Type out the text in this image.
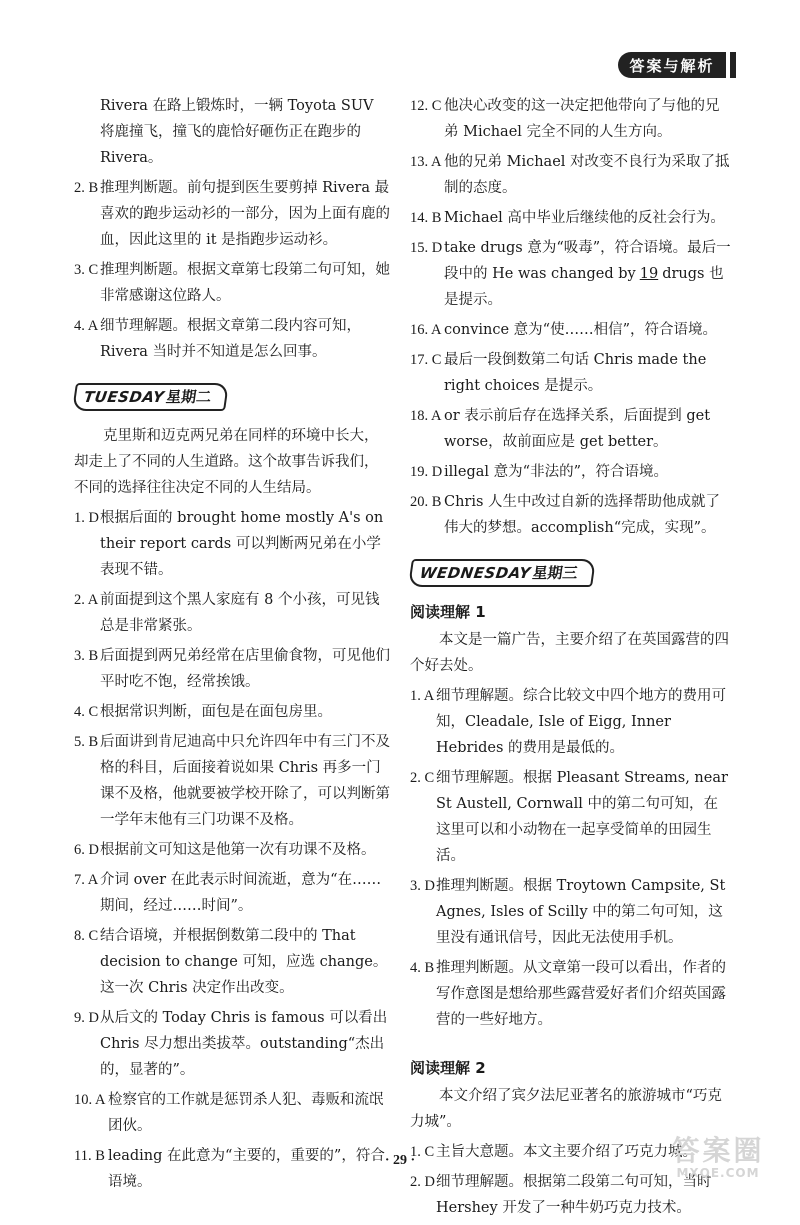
答案与解析

Rivera 在路上锻炼时，一辆 Toyota SUV 将鹿撞飞，撞飞的鹿恰好砸伤正在跑步的 Rivera。

2. B 推理判断题。前句提到医生要剪掉 Rivera 最喜欢的跑步运动衫的一部分，因为上面有鹿的血，因此这里的 it 是指跑步运动衫。
3. C 推理判断题。根据文章第七段第二句可知，她非常感谢这位路人。
4. A 细节理解题。根据文章第二段内容可知，Rivera 当时并不知道是怎么回事。
TUESDAY 星期二

克里斯和迈克两兄弟在同样的环境中长大，却走上了不同的人生道路。这个故事告诉我们，不同的选择往往决定不同的人生结局。

1. D 根据后面的 brought home mostly A's on their report cards 可以判断两兄弟在小学表现不错。
2. A 前面提到这个黑人家庭有 8 个小孩，可见钱总是非常紧张。
3. B 后面提到两兄弟经常在店里偷食物，可见他们平时吃不饱，经常挨饿。
4. C 根据常识判断，面包是在面包房里。
5. B 后面讲到肯尼迪高中只允许四年中有三门不及格的科目，后面接着说如果 Chris 再多一门课不及格，他就要被学校开除了，可以判断第一学年末他有三门功课不及格。
6. D 根据前文可知这是他第一次有功课不及格。
7. A 介词 over 在此表示时间流逝，意为“在……期间，经过……时间”。
8. C 结合语境，并根据倒数第二段中的 That decision to change 可知，应选 change。这一次 Chris 决定作出改变。
9. D 从后文的 Today Chris is famous 可以看出 Chris 尽力想出类拔萃。outstanding“杰出的，显著的”。
10. A 检察官的工作就是惩罚杀人犯、毒贩和流氓团伙。
11. B leading 在此意为“主要的，重要的”，符合语境。
12. C 他决心改变的这一决定把他带向了与他的兄弟 Michael 完全不同的人生方向。
13. A 他的兄弟 Michael 对改变不良行为采取了抵制的态度。
14. B Michael 高中毕业后继续他的反社会行为。
15. D take drugs 意为“吸毒”，符合语境。最后一段中的 He was changed by 19 drugs 也是提示。
16. A convince 意为“使……相信”，符合语境。
17. C 最后一段倒数第二句话 Chris made the right choices 是提示。
18. A or 表示前后存在选择关系，后面提到 get worse，故前面应是 get better。
19. D illegal 意为“非法的”，符合语境。
20. B Chris 人生中改过自新的选择帮助他成就了伟大的梦想。accomplish“完成，实现”。
WEDNESDAY 星期三
阅读理解 1

本文是一篇广告，主要介绍了在英国露营的四个好去处。

1. A 细节理解题。综合比较文中四个地方的费用可知，Cleadale, Isle of Eigg, Inner Hebrides 的费用是最低的。
2. C 细节理解题。根据 Pleasant Streams, near St Austell, Cornwall 中的第二句可知，在这里可以和小动物在一起享受简单的田园生活。
3. D 推理判断题。根据 Troytown Campsite, St Agnes, Isles of Scilly 中的第二句可知，这里没有通讯信号，因此无法使用手机。
4. B 推理判断题。从文章第一段可以看出，作者的写作意图是想给那些露营爱好者们介绍英国露营的一些好地方。
阅读理解 2

本文介绍了宾夕法尼亚著名的旅游城市“巧克力城”。

1. C 主旨大意题。本文主要介绍了巧克力城。
2. D 细节理解题。根据第二段第二句可知，当时 Hershey 开发了一种牛奶巧克力技术。
· 29 ·	答案圈
MXQE.COM
